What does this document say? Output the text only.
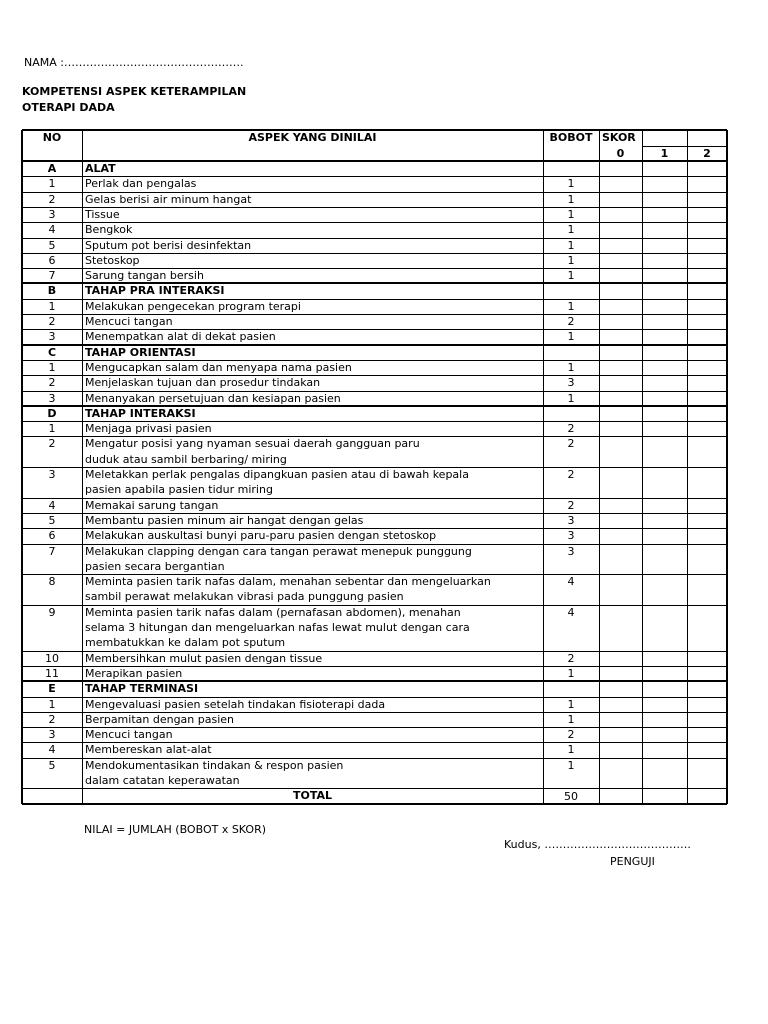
NAMA :………………………………………….
KOMPETENSI ASPEK KETERAMPILAN
OTERAPI DADA
NO	ASPEK YANG DINILAI	BOBOT SKOR
0	1	2
A	ALAT
1	Perlak dan pengalas	1
2	Gelas berisi air minum hangat	1
3	Tissue	1
4	Bengkok	1
5	Sputum pot berisi desinfektan	1
6	Stetoskop	1
7	Sarung tangan bersih	1
B	TAHAP PRA INTERAKSI
1	Melakukan pengecekan program terapi	1
2	Mencuci tangan	2
3	Menempatkan alat di dekat pasien	1
C	TAHAP ORIENTASI
1	Mengucapkan salam dan menyapa nama pasien	1
2	Menjelaskan tujuan dan prosedur tindakan	3
3	Menanyakan persetujuan dan kesiapan pasien	1
D	TAHAP INTERAKSI
1	Menjaga privasi pasien	2
2	Mengatur posisi yang nyaman sesuai daerah gangguan paru
duduk atau sambil berbaring/ miring
2
3	Meletakkan perlak pengalas dipangkuan pasien atau di bawah kepala
pasien apabila pasien tidur miring
2
4	Memakai sarung tangan	2
5	Membantu pasien minum air hangat dengan gelas	3
6	Melakukan auskultasi bunyi paru-paru pasien dengan stetoskop	3
7	Melakukan clapping dengan cara tangan perawat menepuk punggung
pasien secara bergantian
3
8	Meminta pasien tarik nafas dalam, menahan sebentar dan mengeluarkan
sambil perawat melakukan vibrasi pada punggung pasien
4
9	Meminta pasien tarik nafas dalam (pernafasan abdomen), menahan
selama 3 hitungan dan mengeluarkan nafas lewat mulut dengan cara
membatukkan ke dalam pot sputum
4
10	Membersihkan mulut pasien dengan tissue	2
11	Merapikan pasien	1
E	TAHAP TERMINASI
1	Mengevaluasi pasien setelah tindakan fisioterapi dada	1
2	Berpamitan dengan pasien	1
3	Mencuci tangan	2
4	Membereskan alat-alat	1
5	Mendokumentasikan tindakan & respon pasien
dalam catatan keperawatan
1
TOTAL	50
NILAI = JUMLAH (BOBOT x SKOR)
Kudus, ………………………………….
PENGUJI
